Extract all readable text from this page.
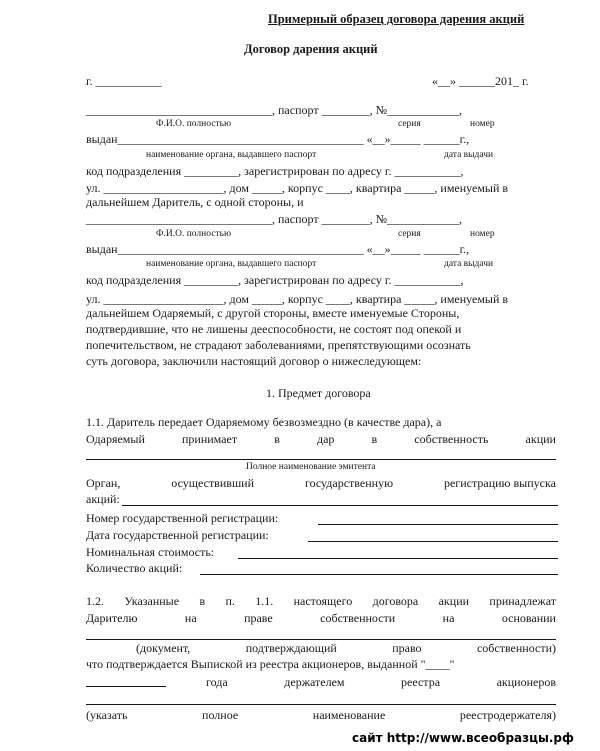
Примерный образец договора дарения акций
Договор дарения акций
г. ___________	«__» ______201_ г.
_______________________________, паспорт ________, №____________,
Ф.И.О. полностью	серия	номер
выдан_________________________________________ «__»_____ ______г.,
наименование органа, выдавшего паспорт	дата выдачи
код подразделения _________, зарегистрирован по адресу г. ___________,
ул. ____________________, дом _____, корпус ____, квартира _____, именуемый в
дальнейшем Даритель, с одной стороны, и
_______________________________, паспорт ________, №____________,
Ф.И.О. полностью	серия	номер
выдан_________________________________________ «__»_____ ______г.,
наименование органа, выдавшего паспорт	дата выдачи
код подразделения _________, зарегистрирован по адресу г. ___________,
ул. ____________________, дом _____, корпус ____, квартира _____, именуемый в
дальнейшем Одаряемый, с другой стороны, вместе именуемые Стороны,
подтвердившие, что не лишены дееспособности, не состоят под опекой и
попечительством, не страдают заболеваниями, препятствующими осознать
суть договора, заключили настоящий договор о нижеследующем:
1. Предмет договора
1.1. Даритель передает Одаряемому безвозмездно (в качестве дара), а
Одаряемый	принимает	в	дар	в	собственность	акции
Полное наименование эмитента
Орган,	осуществивший	государственную	регистрацию выпуска
акций:
Номер государственной регистрации:
Дата государственной регистрации:
Номинальная стоимость:
Количество акций:
1.2. Указанные в п. 1.1. настоящего договора акции принадлежат
Дарителю	на	праве	собственности	на	основании
(документ,	подтверждающий	право	собственности)
что подтверждается Выпиской из реестра акционеров, выданной "____"
года	держателем	реестра	акционеров
(указать	полное	наименование	реестродержателя)
сайт http://www.всеобразцы.рф
